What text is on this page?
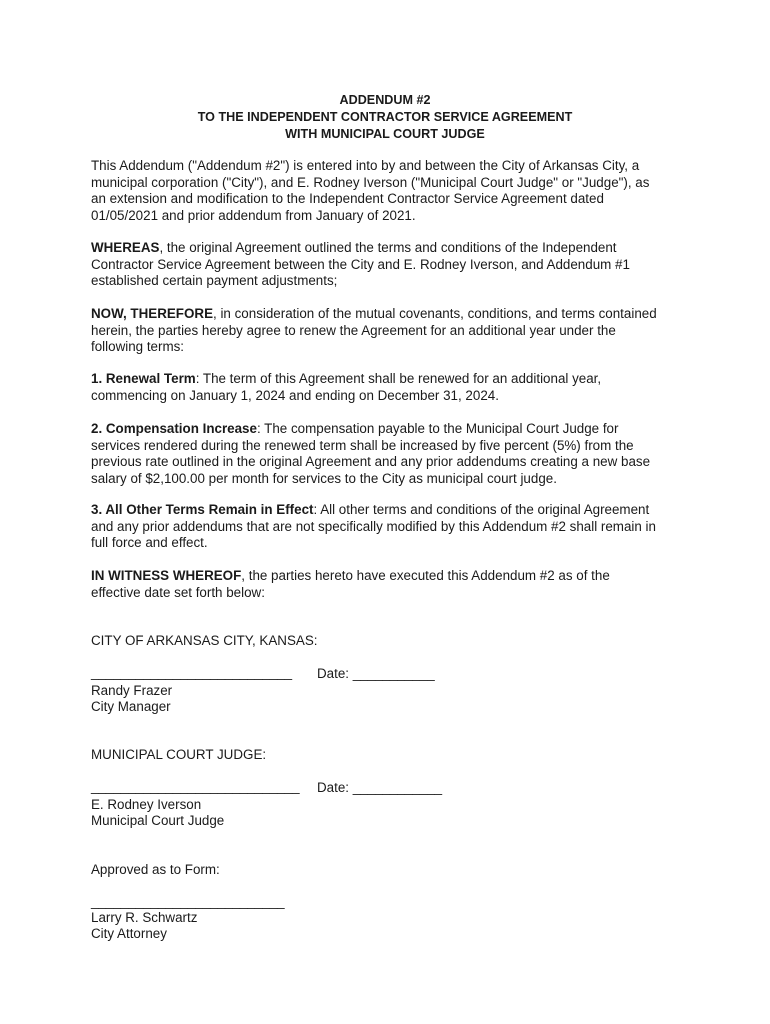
ADDENDUM #2
TO THE INDEPENDENT CONTRACTOR SERVICE AGREEMENT
WITH MUNICIPAL COURT JUDGE
This Addendum ("Addendum #2") is entered into by and between the City of Arkansas City, a
municipal corporation ("City"), and E. Rodney Iverson ("Municipal Court Judge" or "Judge"), as
an extension and modification to the Independent Contractor Service Agreement dated
01/05/2021 and prior addendum from January of 2021.
WHEREAS, the original Agreement outlined the terms and conditions of the Independent
Contractor Service Agreement between the City and E. Rodney Iverson, and Addendum #1
established certain payment adjustments;
NOW, THEREFORE, in consideration of the mutual covenants, conditions, and terms contained
herein, the parties hereby agree to renew the Agreement for an additional year under the
following terms:
1. Renewal Term: The term of this Agreement shall be renewed for an additional year,
commencing on January 1, 2024 and ending on December 31, 2024.
2. Compensation Increase: The compensation payable to the Municipal Court Judge for
services rendered during the renewed term shall be increased by five percent (5%) from the
previous rate outlined in the original Agreement and any prior addendums creating a new base
salary of $2,100.00 per month for services to the City as municipal court judge.
3. All Other Terms Remain in Effect: All other terms and conditions of the original Agreement
and any prior addendums that are not specifically modified by this Addendum #2 shall remain in
full force and effect.
IN WITNESS WHEREOF, the parties hereto have executed this Addendum #2 as of the
effective date set forth below:
CITY OF ARKANSAS CITY, KANSAS:
___________________________ Date: ___________
Randy Frazer
City Manager
MUNICIPAL COURT JUDGE:
____________________________ Date: ____________
E. Rodney Iverson
Municipal Court Judge
Approved as to Form:
__________________________
Larry R. Schwartz
City Attorney
